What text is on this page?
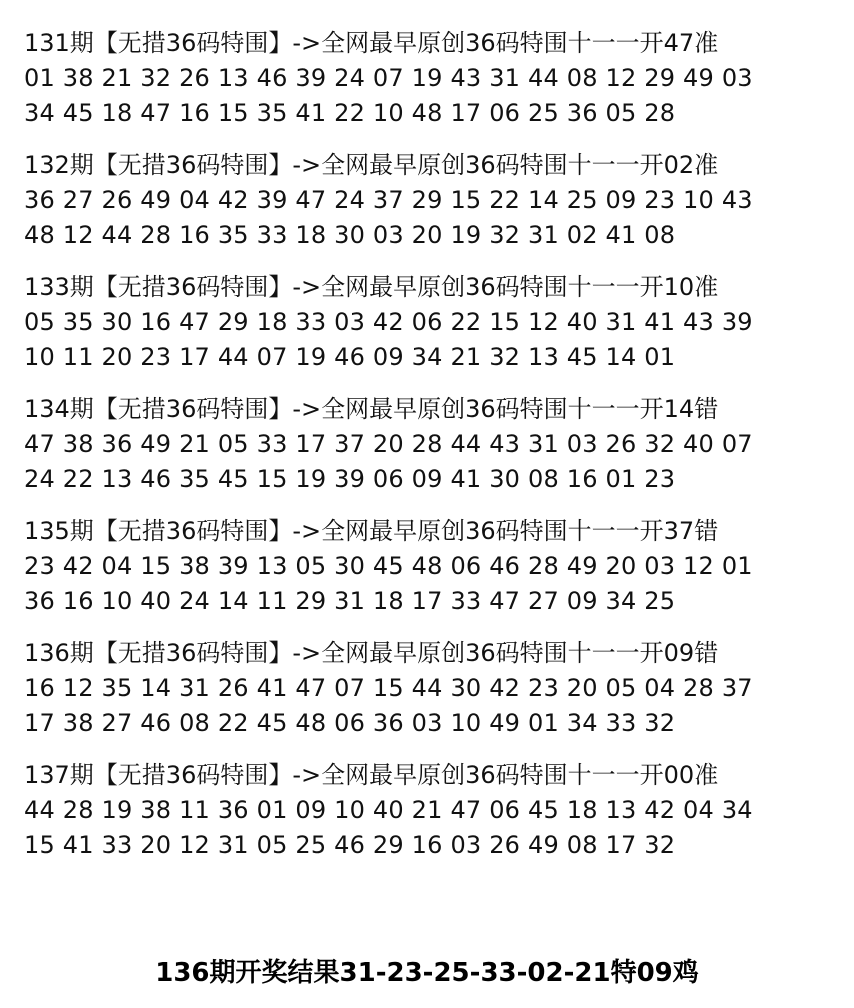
131期【无措36码特围】->全网最早原创36码特围十一一开47准
01 38 21 32 26 13 46 39 24 07 19 43 31 44 08 12 29 49 03
34 45 18 47 16 15 35 41 22 10 48 17 06 25 36 05 28
132期【无措36码特围】->全网最早原创36码特围十一一开02准
36 27 26 49 04 42 39 47 24 37 29 15 22 14 25 09 23 10 43
48 12 44 28 16 35 33 18 30 03 20 19 32 31 02 41 08
133期【无措36码特围】->全网最早原创36码特围十一一开10准
05 35 30 16 47 29 18 33 03 42 06 22 15 12 40 31 41 43 39
10 11 20 23 17 44 07 19 46 09 34 21 32 13 45 14 01
134期【无措36码特围】->全网最早原创36码特围十一一开14错
47 38 36 49 21 05 33 17 37 20 28 44 43 31 03 26 32 40 07
24 22 13 46 35 45 15 19 39 06 09 41 30 08 16 01 23
135期【无措36码特围】->全网最早原创36码特围十一一开37错
23 42 04 15 38 39 13 05 30 45 48 06 46 28 49 20 03 12 01
36 16 10 40 24 14 11 29 31 18 17 33 47 27 09 34 25
136期【无措36码特围】->全网最早原创36码特围十一一开09错
16 12 35 14 31 26 41 47 07 15 44 30 42 23 20 05 04 28 37
17 38 27 46 08 22 45 48 06 36 03 10 49 01 34 33 32
137期【无措36码特围】->全网最早原创36码特围十一一开00准
44 28 19 38 11 36 01 09 10 40 21 47 06 45 18 13 42 04 34
15 41 33 20 12 31 05 25 46 29 16 03 26 49 08 17 32
136期开奖结果31-23-25-33-02-21特09鸡
